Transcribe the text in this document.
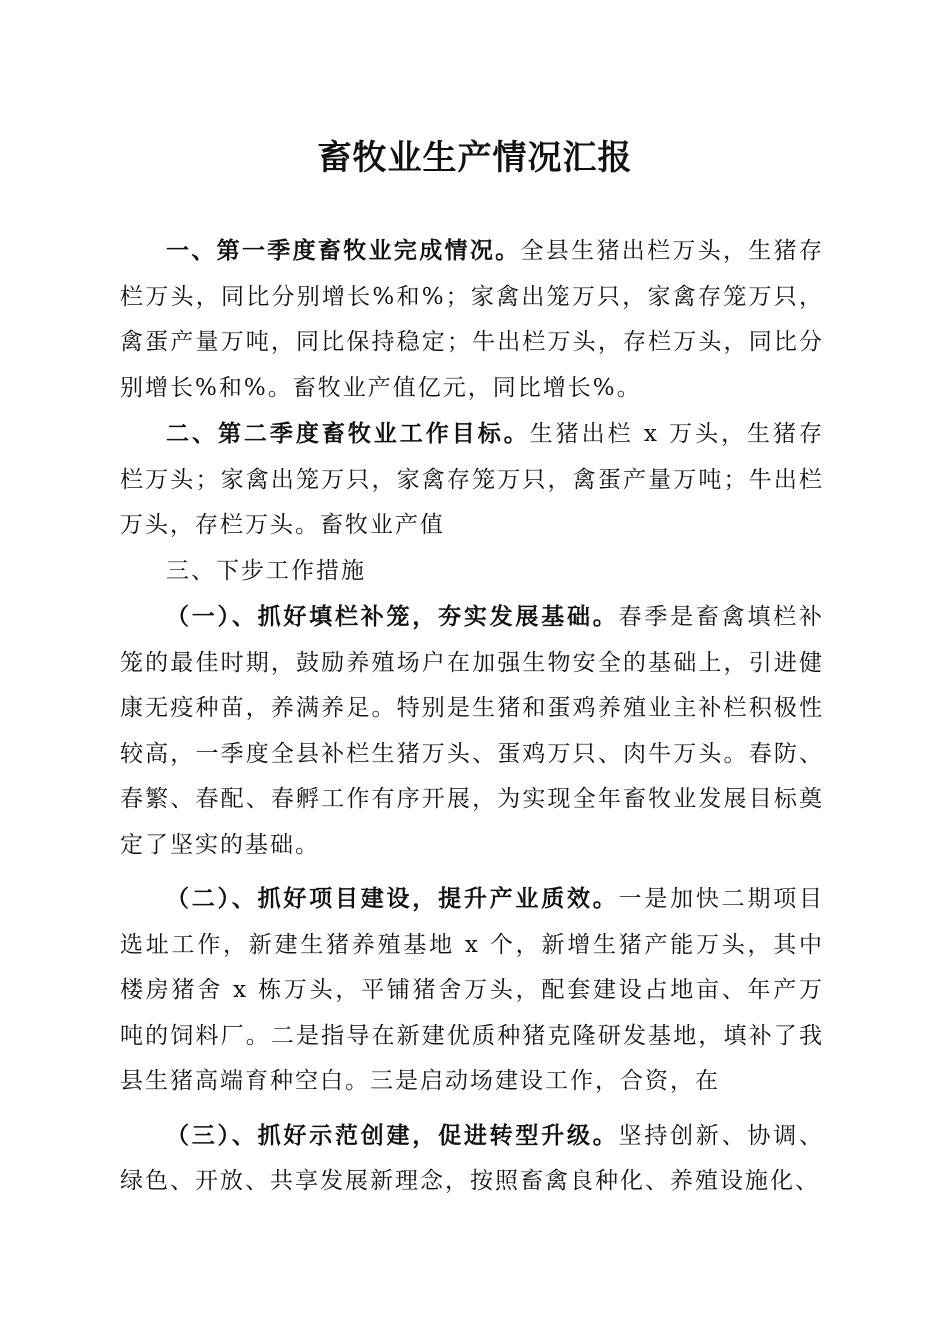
畜牧业生产情况汇报

一、第一季度畜牧业完成情况。全县生猪出栏万头，生猪存栏万头，同比分别增长%和%；家禽出笼万只，家禽存笼万只，禽蛋产量万吨，同比保持稳定；牛出栏万头，存栏万头，同比分别增长%和%。畜牧业产值亿元，同比增长%。

二、第二季度畜牧业工作目标。生猪出栏 x 万头，生猪存栏万头；家禽出笼万只，家禽存笼万只，禽蛋产量万吨；牛出栏万头，存栏万头。畜牧业产值

三、下步工作措施

（一）、抓好填栏补笼，夯实发展基础。春季是畜禽填栏补笼的最佳时期，鼓励养殖场户在加强生物安全的基础上，引进健康无疫种苗，养满养足。特别是生猪和蛋鸡养殖业主补栏积极性较高，一季度全县补栏生猪万头、蛋鸡万只、肉牛万头。春防、春繁、春配、春孵工作有序开展，为实现全年畜牧业发展目标奠定了坚实的基础。

（二）、抓好项目建设，提升产业质效。一是加快二期项目选址工作，新建生猪养殖基地 x 个，新增生猪产能万头，其中楼房猪舍 x 栋万头，平铺猪舍万头，配套建设占地亩、年产万吨的饲料厂。二是指导在新建优质种猪克隆研发基地，填补了我县生猪高端育种空白。三是启动场建设工作，合资，在

（三）、抓好示范创建，促进转型升级。坚持创新、协调、绿色、开放、共享发展新理念，按照畜禽良种化、养殖设施化、
